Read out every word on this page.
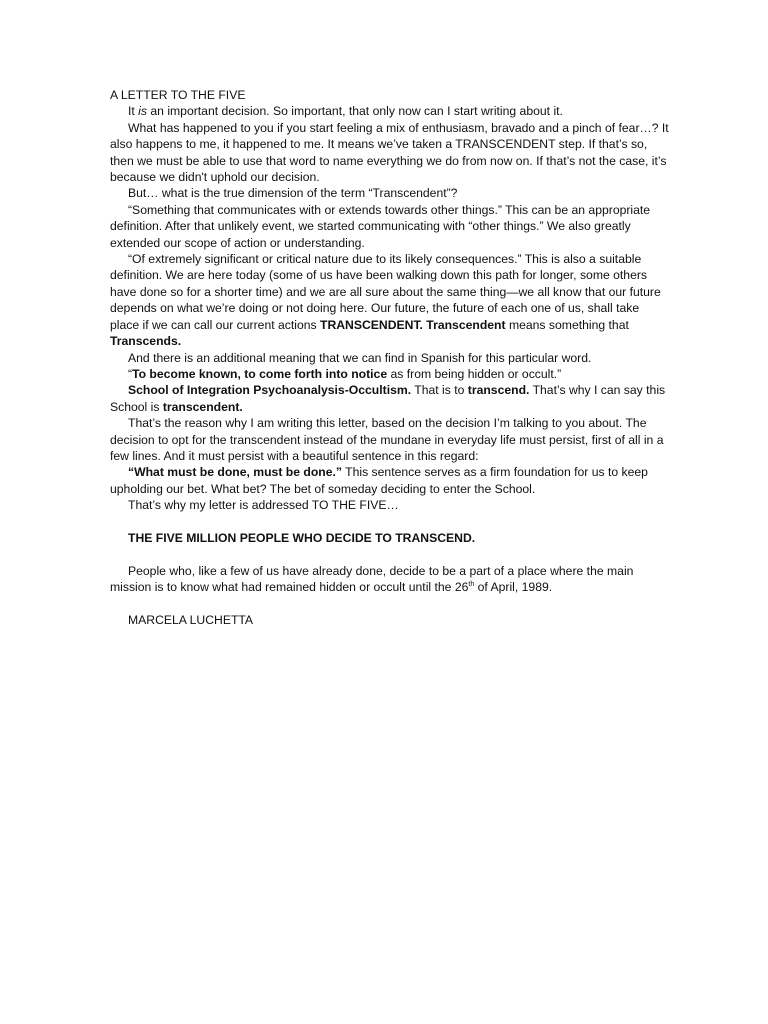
A LETTER TO THE FIVE

It is an important decision. So important, that only now can I start writing about it.

What has happened to you if you start feeling a mix of enthusiasm, bravado and a pinch of fear…? It also happens to me, it happened to me. It means we’ve taken a TRANSCENDENT step. If that’s so, then we must be able to use that word to name everything we do from now on. If that’s not the case, it’s because we didn't uphold our decision.

But… what is the true dimension of the term “Transcendent”?

“Something that communicates with or extends towards other things.” This can be an appropriate definition. After that unlikely event, we started communicating with “other things.” We also greatly extended our scope of action or understanding.

“Of extremely significant or critical nature due to its likely consequences.” This is also a suitable definition. We are here today (some of us have been walking down this path for longer, some others have done so for a shorter time) and we are all sure about the same thing—we all know that our future depends on what we’re doing or not doing here. Our future, the future of each one of us, shall take place if we can call our current actions TRANSCENDENT. Transcendent means something that Transcends.

And there is an additional meaning that we can find in Spanish for this particular word.

“To become known, to come forth into notice as from being hidden or occult.”

School of Integration Psychoanalysis-Occultism. That is to transcend. That’s why I can say this School is transcendent.

That’s the reason why I am writing this letter, based on the decision I’m talking to you about. The decision to opt for the transcendent instead of the mundane in everyday life must persist, first of all in a few lines. And it must persist with a beautiful sentence in this regard:

“What must be done, must be done.” This sentence serves as a firm foundation for us to keep upholding our bet. What bet? The bet of someday deciding to enter the School.

That’s why my letter is addressed TO THE FIVE…

THE FIVE MILLION PEOPLE WHO DECIDE TO TRANSCEND.

People who, like a few of us have already done, decide to be a part of a place where the main mission is to know what had remained hidden or occult until the 26th of April, 1989.

MARCELA LUCHETTA
